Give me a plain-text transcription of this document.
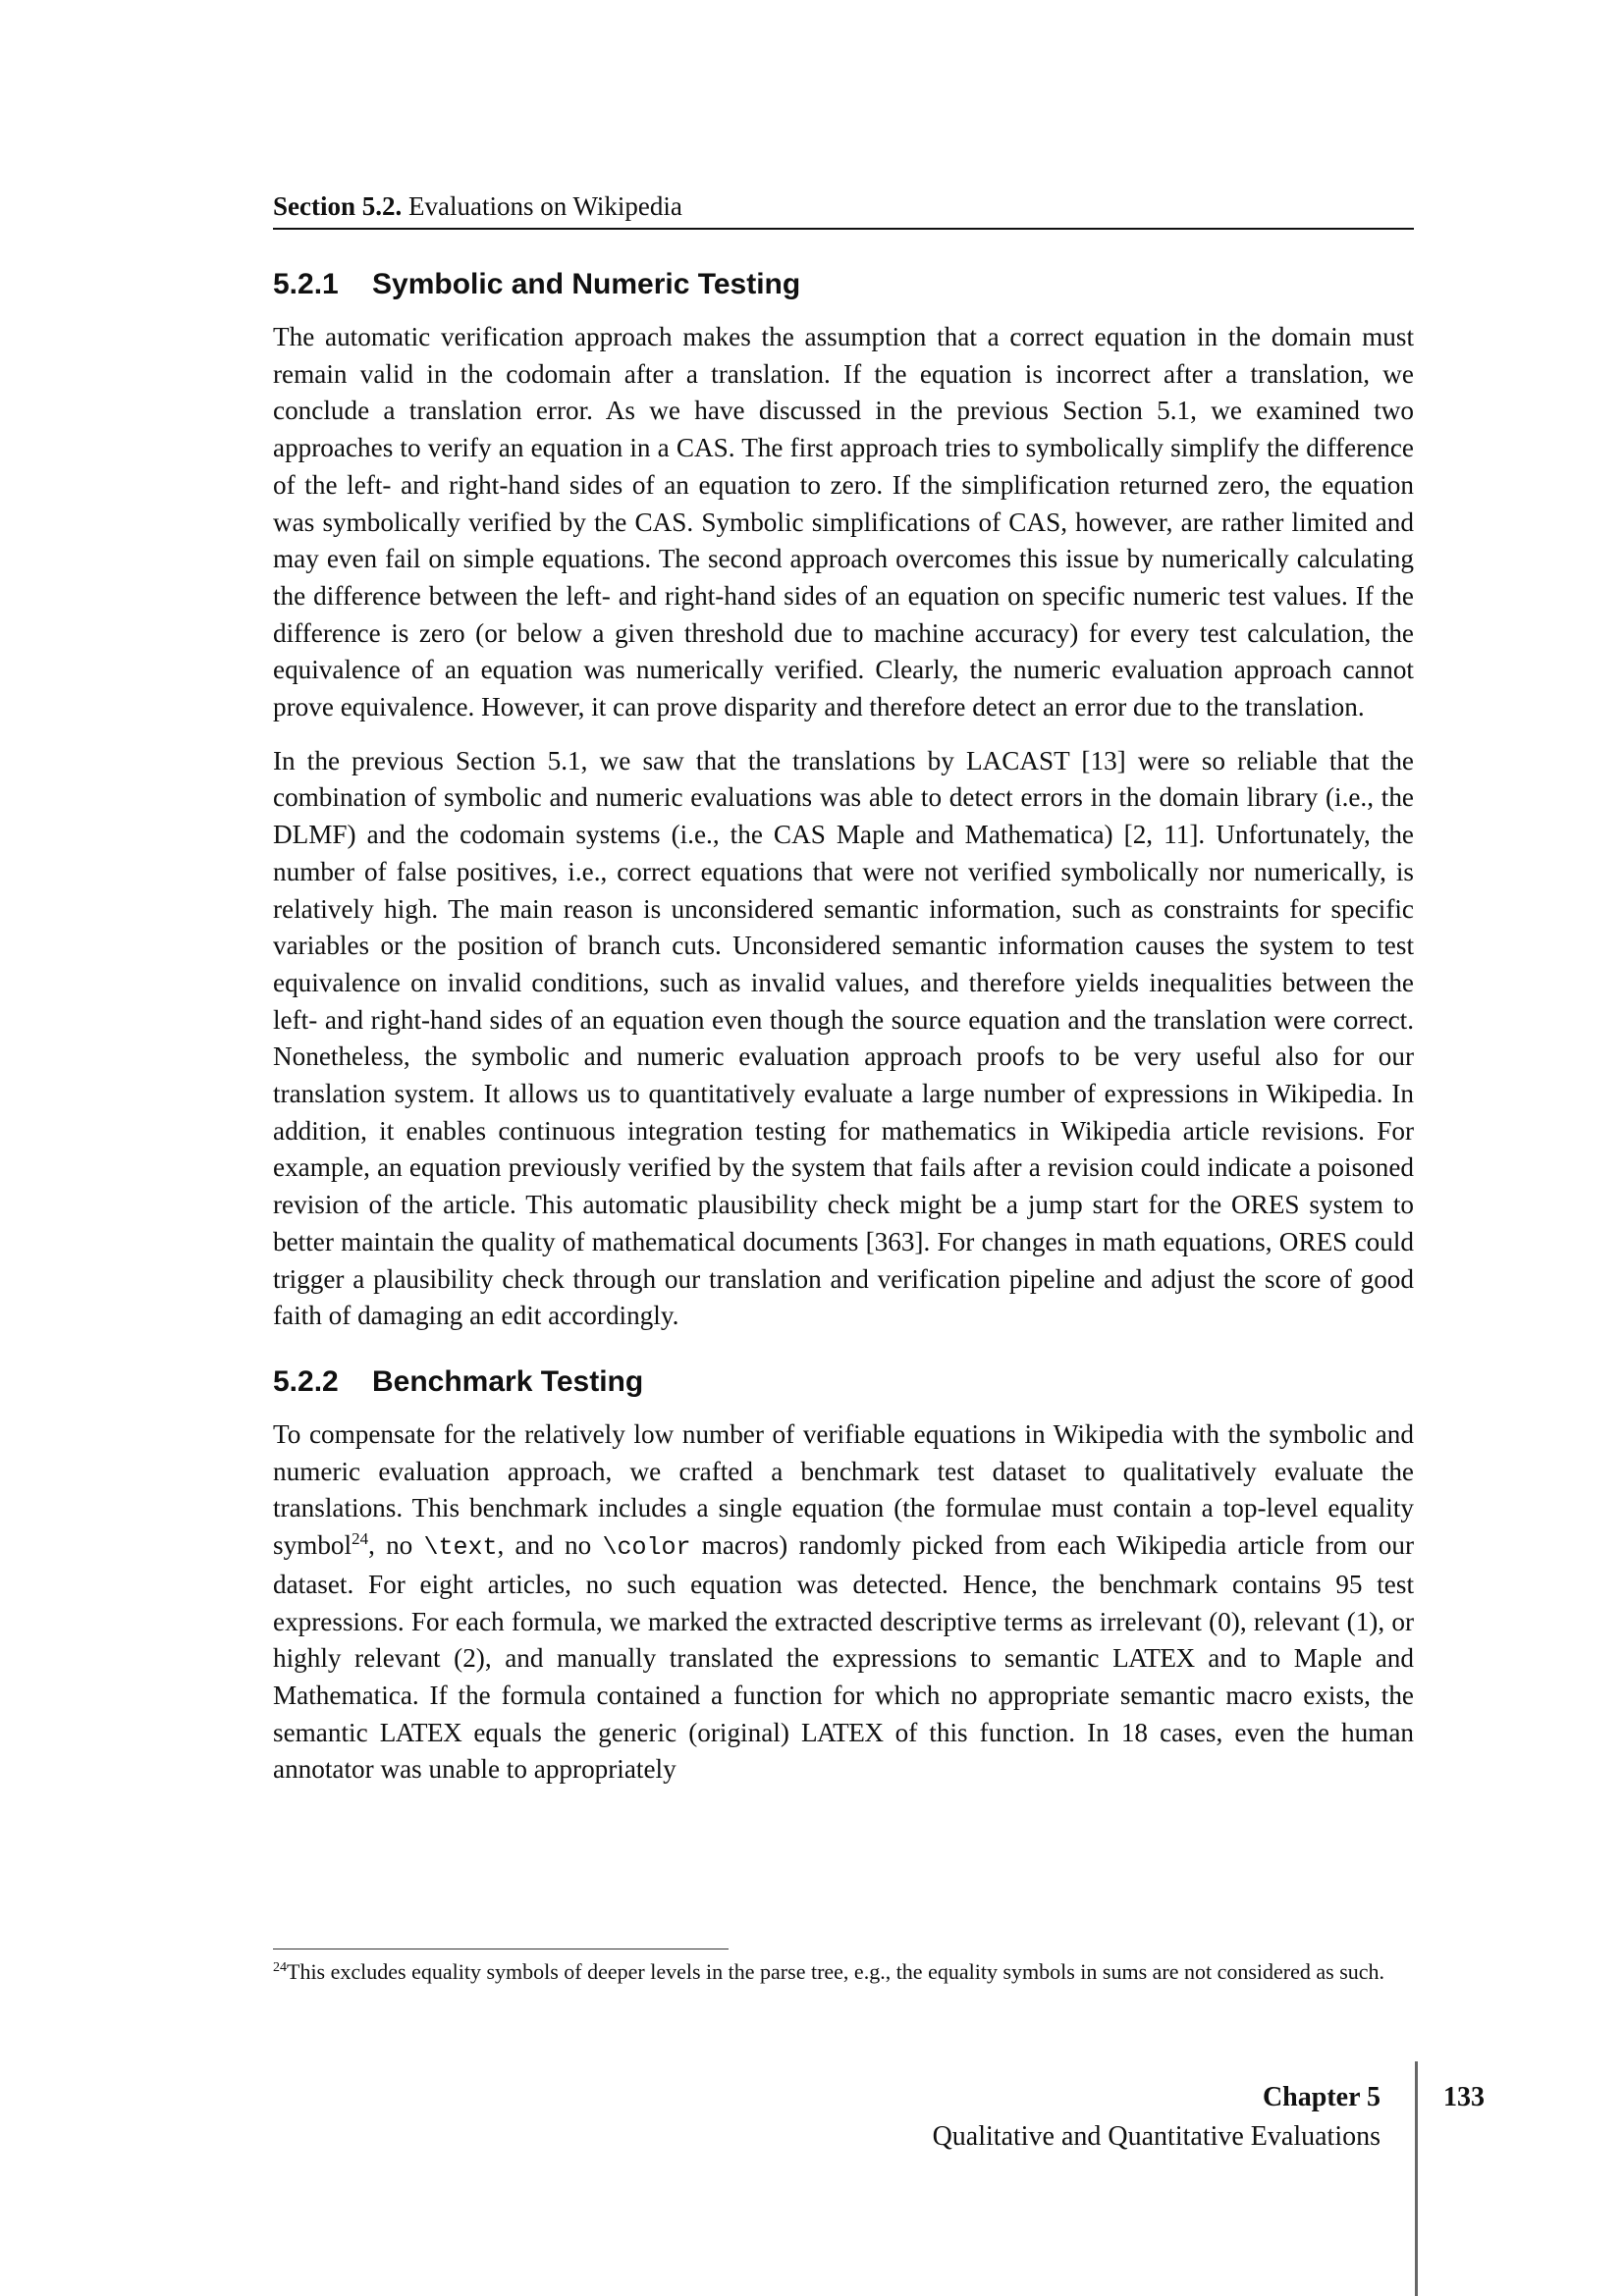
Section 5.2. Evaluations on Wikipedia
5.2.1 Symbolic and Numeric Testing

The automatic verification approach makes the assumption that a correct equation in the domain must remain valid in the codomain after a translation. If the equation is incorrect after a translation, we conclude a translation error. As we have discussed in the previous Section 5.1, we examined two approaches to verify an equation in a CAS. The first approach tries to symbolically simplify the difference of the left- and right-hand sides of an equation to zero. If the simplification returned zero, the equation was symbolically verified by the CAS. Symbolic simplifications of CAS, however, are rather limited and may even fail on simple equations. The second approach overcomes this issue by numerically calculating the difference between the left- and right-hand sides of an equation on specific numeric test values. If the difference is zero (or below a given threshold due to machine accuracy) for every test calculation, the equivalence of an equation was numerically verified. Clearly, the numeric evaluation approach cannot prove equivalence. However, it can prove disparity and therefore detect an error due to the translation.

In the previous Section 5.1, we saw that the translations by LACAST [13] were so reliable that the combination of symbolic and numeric evaluations was able to detect errors in the domain library (i.e., the DLMF) and the codomain systems (i.e., the CAS Maple and Mathematica) [2, 11]. Unfortunately, the number of false positives, i.e., correct equations that were not verified symbolically nor numerically, is relatively high. The main reason is unconsidered semantic information, such as constraints for specific variables or the position of branch cuts. Unconsidered semantic information causes the system to test equivalence on invalid conditions, such as invalid values, and therefore yields inequalities between the left- and right-hand sides of an equation even though the source equation and the translation were correct. Nonetheless, the symbolic and numeric evaluation approach proofs to be very useful also for our translation system. It allows us to quantitatively evaluate a large number of expressions in Wikipedia. In addition, it enables continuous integration testing for mathematics in Wikipedia article revisions. For example, an equation previously verified by the system that fails after a revision could indicate a poisoned revision of the article. This automatic plausibility check might be a jump start for the ORES system to better maintain the quality of mathematical documents [363]. For changes in math equations, ORES could trigger a plausibility check through our translation and verification pipeline and adjust the score of good faith of damaging an edit accordingly.

5.2.2 Benchmark Testing

To compensate for the relatively low number of verifiable equations in Wikipedia with the symbolic and numeric evaluation approach, we crafted a benchmark test dataset to qualitatively evaluate the translations. This benchmark includes a single equation (the formulae must contain a top-level equality symbol$^{24}$, no \text, and no \color macros) randomly picked from each Wikipedia article from our dataset. For eight articles, no such equation was detected. Hence, the benchmark contains 95 test expressions. For each formula, we marked the extracted descriptive terms as irrelevant (0), relevant (1), or highly relevant (2), and manually translated the expressions to semantic LATEX and to Maple and Mathematica. If the formula contained a function for which no appropriate semantic macro exists, the semantic LATEX equals the generic (original) LATEX of this function. In 18 cases, even the human annotator was unable to appropriately

$^{24}$This excludes equality symbols of deeper levels in the parse tree, e.g., the equality symbols in sums are not considered as such.
Chapter 5
Qualitative and Quantitative Evaluations
133
